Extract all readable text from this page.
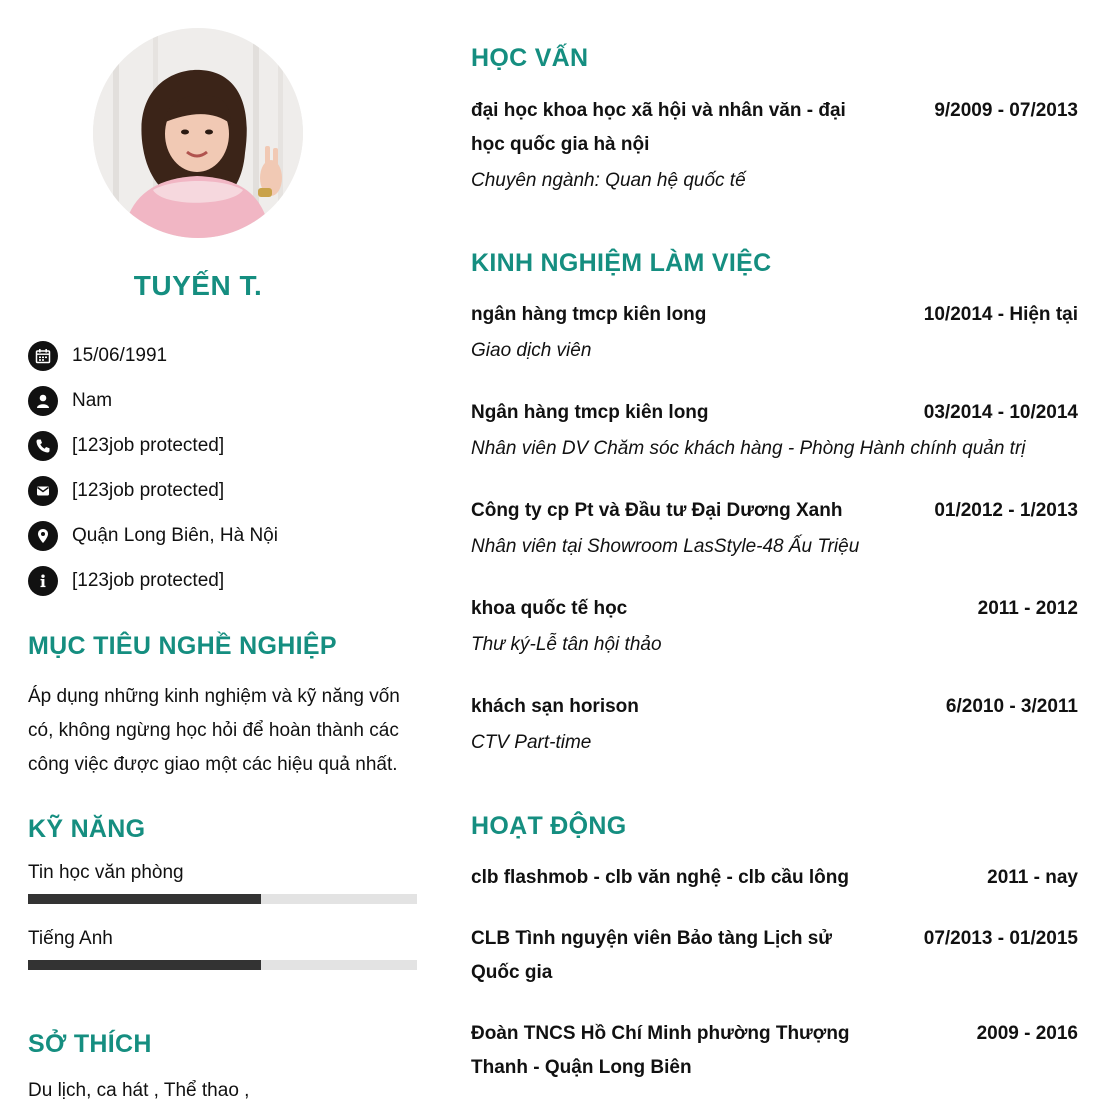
TUYẾN T.
15/06/1991
Nam
[123job protected]
[123job protected]
Quận Long Biên, Hà Nội
[123job protected]
MỤC TIÊU NGHỀ NGHIỆP
Áp dụng những kinh nghiệm và kỹ năng vốn có, không ngừng học hỏi để hoàn thành các công việc được giao một các hiệu quả nhất.
KỸ NĂNG
Tin học văn phòng
Tiếng Anh
SỞ THÍCH
Du lịch, ca hát , Thể thao ,
HỌC VẤN
đại học khoa học xã hội và nhân văn - đại học quốc gia hà nội
9/2009 - 07/2013
Chuyên ngành: Quan hệ quốc tế
KINH NGHIỆM LÀM VIỆC
ngân hàng tmcp kiên long	10/2014 - Hiện tại
Giao dịch viên
Ngân hàng tmcp kiên long	03/2014 - 10/2014
Nhân viên DV Chăm sóc khách hàng - Phòng Hành chính quản trị
Công ty cp Pt và Đầu tư Đại Dương Xanh	01/2012 - 1/2013
Nhân viên tại Showroom LasStyle-48 Ấu Triệu
khoa quốc tế học	2011 - 2012
Thư ký-Lễ tân hội thảo
khách sạn horison	6/2010 - 3/2011
CTV Part-time
HOẠT ĐỘNG
clb flashmob - clb văn nghệ - clb cầu lông	2011 - nay
CLB Tình nguyện viên Bảo tàng Lịch sử Quốc gia
07/2013 - 01/2015
Đoàn TNCS Hồ Chí Minh phường Thượng Thanh - Quận Long Biên
2009 - 2016
